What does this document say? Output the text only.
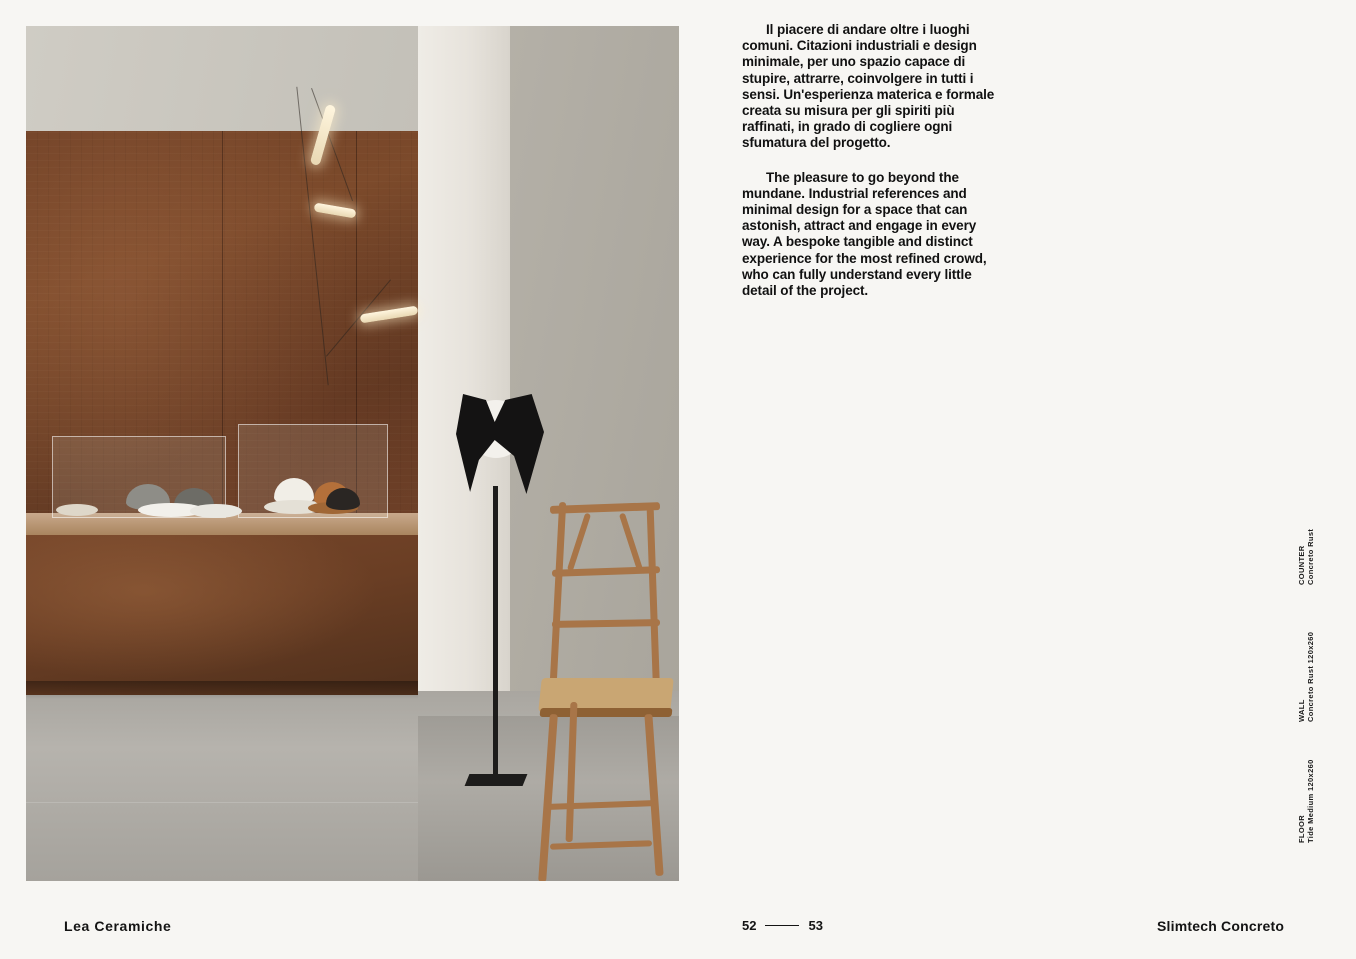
Il piacere di andare oltre i luoghi comuni. Citazioni industriali e design minimale, per uno spazio capace di stupire, attrarre, coinvolgere in tutti i sensi. Un'esperienza materica e formale creata su misura per gli spiriti più raffinati, in grado di cogliere ogni sfumatura del progetto.

The pleasure to go beyond the mundane. Industrial references and minimal design for a space that can astonish, attract and engage in every way. A bespoke tangible and distinct experience for the most refined crowd, who can fully understand every little detail of the project.

COUNTER Concreto Rust
WALL Concreto Rust 120x260
FLOOR Tide Medium 120x260
Lea Ceramiche	52	53	Slimtech Concreto
